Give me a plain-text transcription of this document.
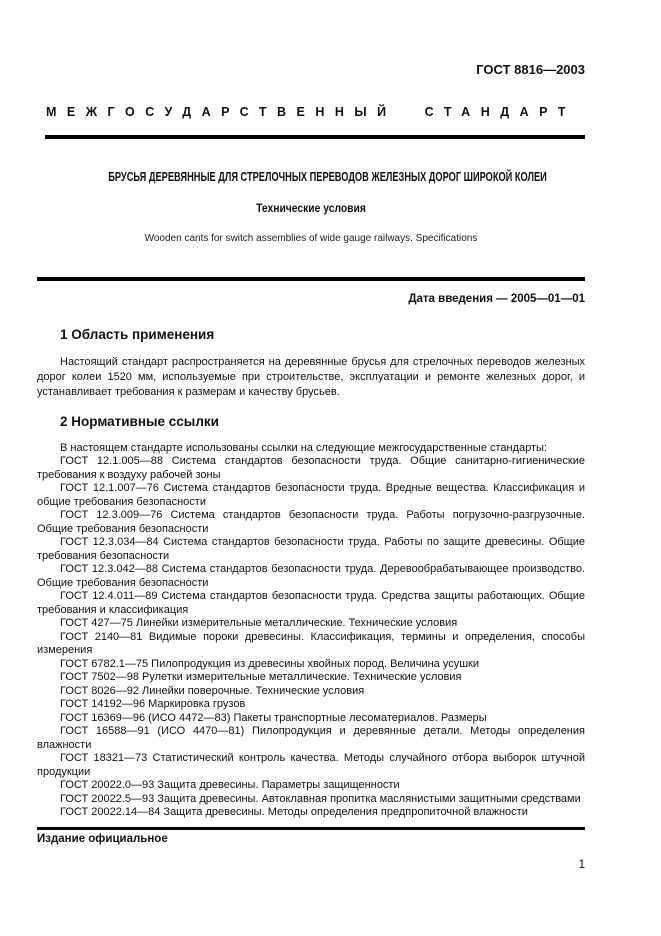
ГОСТ 8816—2003
МЕЖГОСУДАРСТВЕННЫЙ СТАНДАРТ
БРУСЬЯ ДЕРЕВЯННЫЕ ДЛЯ СТРЕЛОЧНЫХ ПЕРЕВОДОВ ЖЕЛЕЗНЫХ ДОРОГ ШИРОКОЙ КОЛЕИ
Технические условия
Wooden cants for switch assemblies of wide gauge railways. Specifications
Дата введения — 2005—01—01
1 Область применения

Настоящий стандарт распространяется на деревянные брусья для стрелочных переводов железных дорог колеи 1520 мм, используемые при строительстве, эксплуатации и ремонте железных дорог, и устанавливает требования к размерам и качеству брусьев.

2 Нормативные ссылки

В настоящем стандарте использованы ссылки на следующие межгосударственные стандарты:

ГОСТ 12.1.005—88 Система стандартов безопасности труда. Общие санитарно-гигиенические требования к воздуху рабочей зоны

ГОСТ 12.1.007—76 Система стандартов безопасности труда. Вредные вещества. Классификация и общие требования безопасности

ГОСТ 12.3.009—76 Система стандартов безопасности труда. Работы погрузочно-разгрузочные. Общие требования безопасности

ГОСТ 12.3.034—84 Система стандартов безопасности труда. Работы по защите древесины. Общие требования безопасности

ГОСТ 12.3.042—88 Система стандартов безопасности труда. Деревообрабатывающее производство. Общие требования безопасности

ГОСТ 12.4.011—89 Система стандартов безопасности труда. Средства защиты работающих. Общие требования и классификация

ГОСТ 427—75 Линейки измерительные металлические. Технические условия

ГОСТ 2140—81 Видимые пороки древесины. Классификация, термины и определения, способы измерения

ГОСТ 6782.1—75 Пилопродукция из древесины хвойных пород. Величина усушки

ГОСТ 7502—98 Рулетки измерительные металлические. Технические условия

ГОСТ 8026—92 Линейки поверочные. Технические условия

ГОСТ 14192—96 Маркировка грузов

ГОСТ 16369—96 (ИСО 4472—83) Пакеты транспортные лесоматериалов. Размеры

ГОСТ 16588—91 (ИСО 4470—81) Пилопродукция и деревянные детали. Методы определения влажности

ГОСТ 18321—73 Статистический контроль качества. Методы случайного отбора выборок штучной продукции

ГОСТ 20022.0—93 Защита древесины. Параметры защищенности

ГОСТ 20022.5—93 Защита древесины. Автоклавная пропитка маслянистыми защитными средствами

ГОСТ 20022.14—84 Защита древесины. Методы определения предпропиточной влажности

Издание официальное
1
